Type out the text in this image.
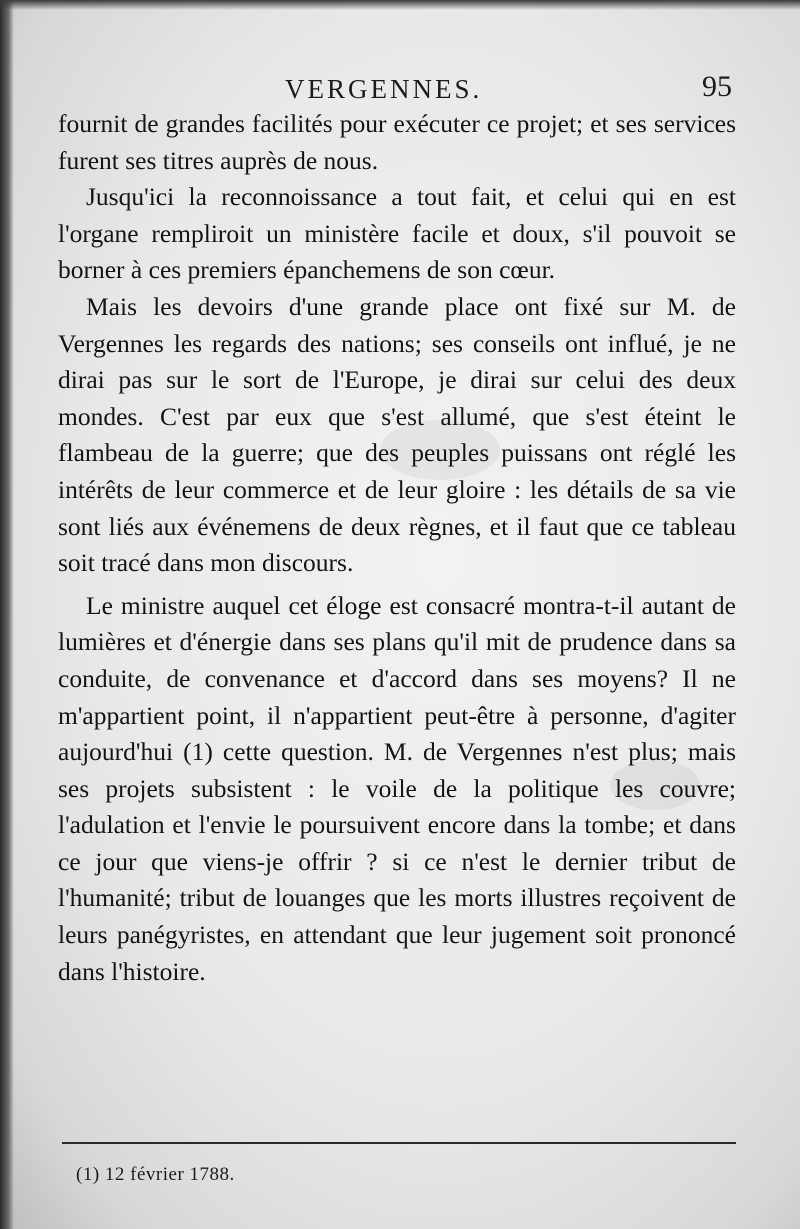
VERGENNES.	95

fournit de grandes facilités pour exécuter ce projet; et ses services furent ses titres auprès de nous.

Jusqu'ici la reconnoissance a tout fait, et celui qui en est l'organe rempliroit un ministère facile et doux, s'il pouvoit se borner à ces premiers épanchemens de son cœur.

Mais les devoirs d'une grande place ont fixé sur M. de Vergennes les regards des nations; ses conseils ont influé, je ne dirai pas sur le sort de l'Europe, je dirai sur celui des deux mondes. C'est par eux que s'est allumé, que s'est éteint le flambeau de la guerre; que des peuples puissans ont réglé les intérêts de leur commerce et de leur gloire : les détails de sa vie sont liés aux événemens de deux règnes, et il faut que ce tableau soit tracé dans mon discours.

Le ministre auquel cet éloge est consacré montra-t-il autant de lumières et d'énergie dans ses plans qu'il mit de prudence dans sa conduite, de convenance et d'accord dans ses moyens? Il ne m'appartient point, il n'appartient peut-être à personne, d'agiter aujourd'hui (1) cette question. M. de Vergennes n'est plus; mais ses projets subsistent : le voile de la politique les couvre; l'adulation et l'envie le poursuivent encore dans la tombe; et dans ce jour que viens-je offrir ? si ce n'est le dernier tribut de l'humanité; tribut de louanges que les morts illustres reçoivent de leurs panégyristes, en attendant que leur jugement soit prononcé dans l'histoire.

(1) 12 février 1788.
